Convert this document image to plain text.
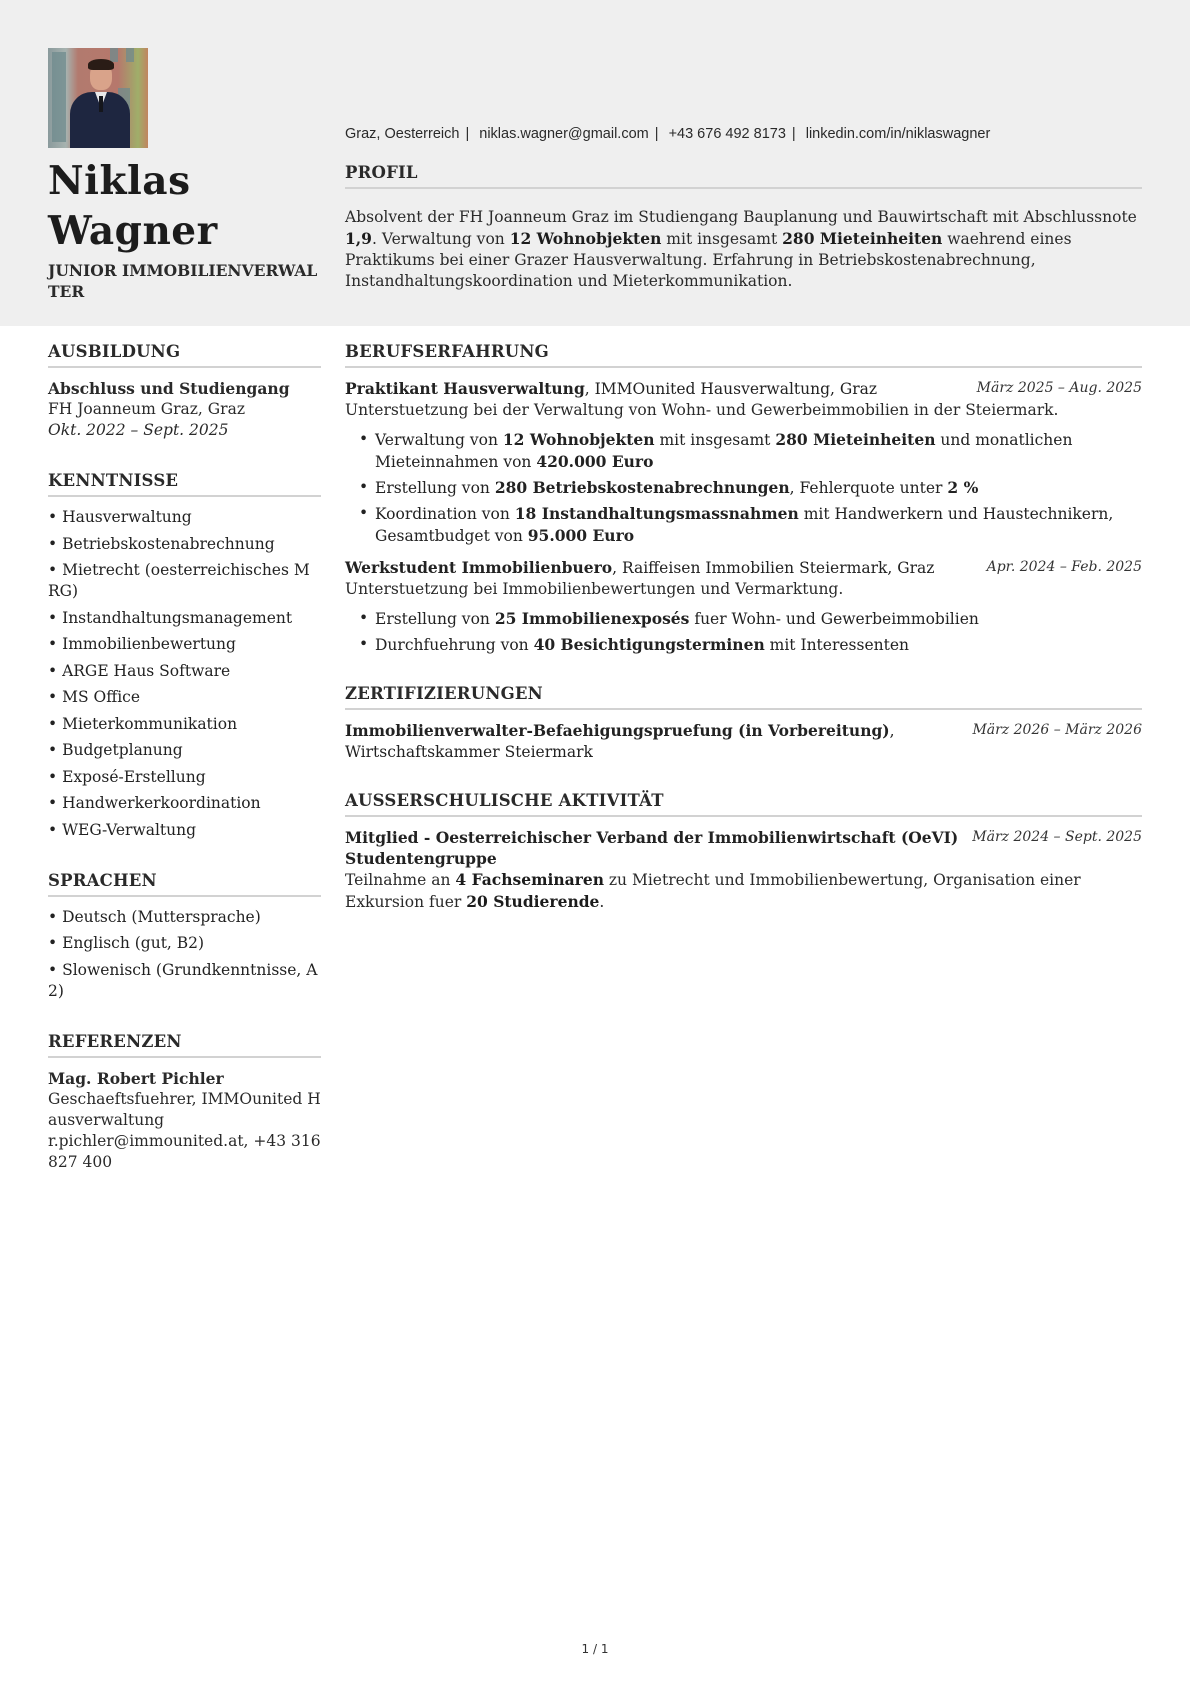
Niklas
Wagner
JUNIOR IMMOBILIENVERWALTER
Graz, Oesterreich | niklas.wagner@gmail.com | +43 676 492 8173 | linkedin.com/in/niklaswagner
PROFIL
Absolvent der FH Joanneum Graz im Studiengang Bauplanung und Bauwirtschaft mit Abschlussnote 1,9. Verwaltung von 12 Wohnobjekten mit insgesamt 280 Mieteinheiten waehrend eines Praktikums bei einer Grazer Hausverwaltung. Erfahrung in Betriebskostenabrechnung, Instandhaltungskoordination und Mieterkommunikation.
AUSBILDUNG
Abschluss und Studiengang
FH Joanneum Graz, Graz
Okt. 2022 – Sept. 2025
KENNTNISSE
• Hausverwaltung
• Betriebskostenabrechnung
• Mietrecht (oesterreichisches MRG)
• Instandhaltungsmanagement
• Immobilienbewertung
• ARGE Haus Software
• MS Office
• Mieterkommunikation
• Budgetplanung
• Exposé-Erstellung
• Handwerkerkoordination
• WEG-Verwaltung
SPRACHEN
• Deutsch (Muttersprache)
• Englisch (gut, B2)
• Slowenisch (Grundkenntnisse, A2)
REFERENZEN
Mag. Robert Pichler
Geschaeftsfuehrer, IMMOunited Hausverwaltung
r.pichler@immounited.at, +43 316 827 400
BERUFSERFAHRUNG
Praktikant Hausverwaltung, IMMOunited Hausverwaltung, Graz	März 2025 – Aug. 2025
Unterstuetzung bei der Verwaltung von Wohn- und Gewerbeimmobilien in der Steiermark.
• Verwaltung von 12 Wohnobjekten mit insgesamt 280 Mieteinheiten und monatlichen Mieteinnahmen von 420.000 Euro
• Erstellung von 280 Betriebskostenabrechnungen, Fehlerquote unter 2 %
• Koordination von 18 Instandhaltungsmassnahmen mit Handwerkern und Haustechnikern, Gesamtbudget von 95.000 Euro
Werkstudent Immobilienbuero, Raiffeisen Immobilien Steiermark, Graz	Apr. 2024 – Feb. 2025
Unterstuetzung bei Immobilienbewertungen und Vermarktung.
• Erstellung von 25 Immobilienexposés fuer Wohn- und Gewerbeimmobilien
• Durchfuehrung von 40 Besichtigungsterminen mit Interessenten
ZERTIFIZIERUNGEN
Immobilienverwalter-Befaehigungspruefung (in Vorbereitung), Wirtschaftskammer Steiermark
März 2026 – März 2026
AUSSERSCHULISCHE AKTIVITÄT
Mitglied - Oesterreichischer Verband der Immobilienwirtschaft (OeVI) Studentengruppe
März 2024 – Sept. 2025
Teilnahme an 4 Fachseminaren zu Mietrecht und Immobilienbewertung, Organisation einer Exkursion fuer 20 Studierende.
1 / 1
